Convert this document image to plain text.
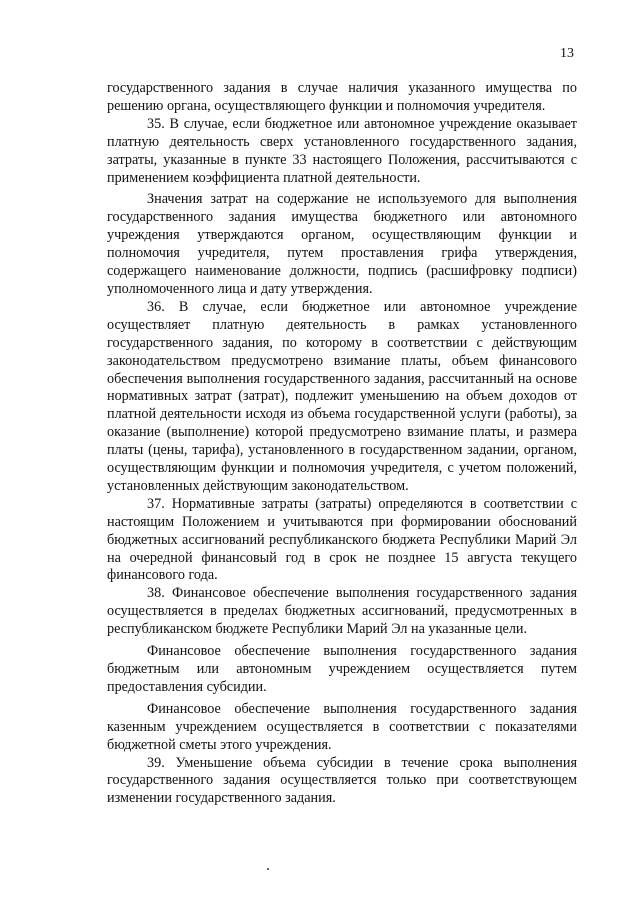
13

государственного задания в случае наличия указанного имущества по решению органа, осуществляющего функции и полномочия учредителя.

35. В случае, если бюджетное или автономное учреждение оказывает платную деятельность сверх установленного государственного задания, затраты, указанные в пункте 33 настоящего Положения, рассчитываются с применением коэффициента платной деятельности.

Значения затрат на содержание не используемого для выполнения государственного задания имущества бюджетного или автономного учреждения утверждаются органом, осуществляющим функции и полномочия учредителя, путем проставления грифа утверждения, содержащего наименование должности, подпись (расшифровку подписи) уполномоченного лица и дату утверждения.

36. В случае, если бюджетное или автономное учреждение осуществляет платную деятельность в рамках установленного государственного задания, по которому в соответствии с действующим законодательством предусмотрено взимание платы, объем финансового обеспечения выполнения государственного задания, рассчитанный на основе нормативных затрат (затрат), подлежит уменьшению на объем доходов от платной деятельности исходя из объема государственной услуги (работы), за оказание (выполнение) которой предусмотрено взимание платы, и размера платы (цены, тарифа), установленного в государственном задании, органом, осуществляющим функции и полномочия учредителя, с учетом положений, установленных действующим законодательством.

37. Нормативные затраты (затраты) определяются в соответствии с настоящим Положением и учитываются при формировании обоснований бюджетных ассигнований республиканского бюджета Республики Марий Эл на очередной финансовый год в срок не позднее 15 августа текущего финансового года.

38. Финансовое обеспечение выполнения государственного задания осуществляется в пределах бюджетных ассигнований, предусмотренных в республиканском бюджете Республики Марий Эл на указанные цели.

Финансовое обеспечение выполнения государственного задания бюджетным или автономным учреждением осуществляется путем предоставления субсидии.

Финансовое обеспечение выполнения государственного задания казенным учреждением осуществляется в соответствии с показателями бюджетной сметы этого учреждения.

39. Уменьшение объема субсидии в течение срока выполнения государственного задания осуществляется только при соответствующем изменении государственного задания.
